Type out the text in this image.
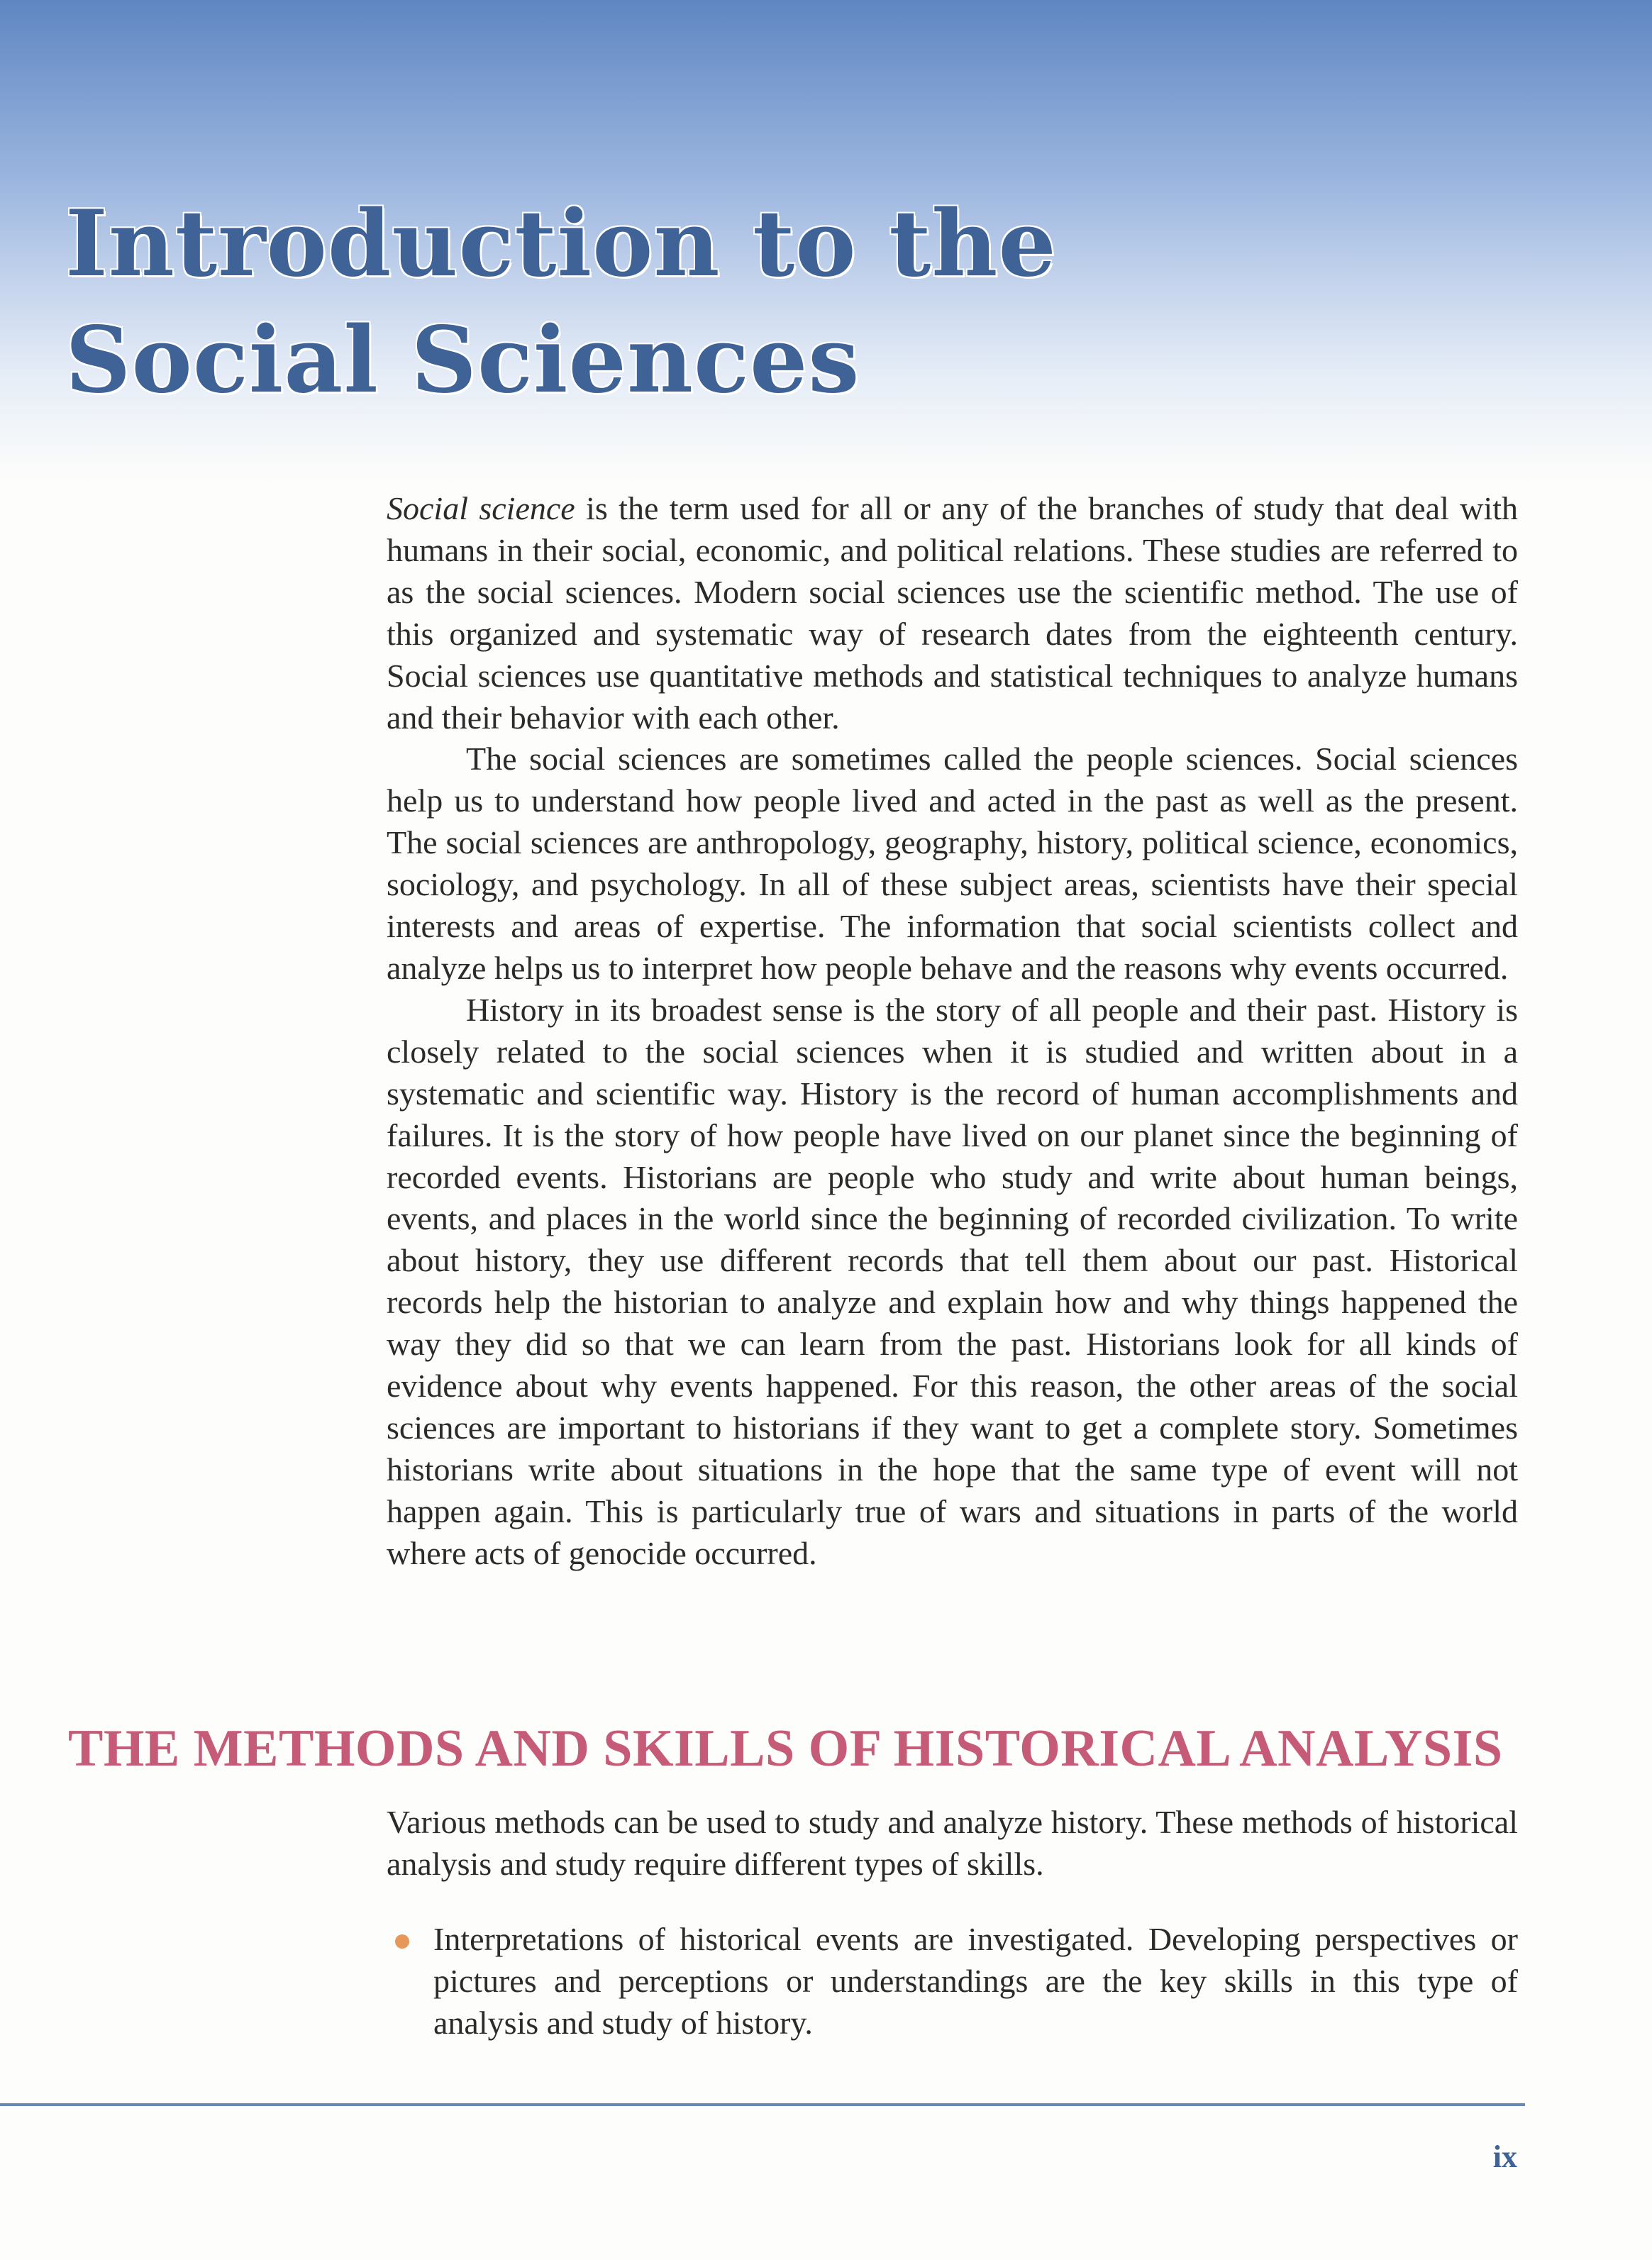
Introduction to the
Social Sciences

Social science is the term used for all or any of the branches of study that deal with humans in their social, economic, and political relations. These studies are referred to as the social sciences. Modern social sciences use the scientific method. The use of this organized and systematic way of research dates from the eighteenth century. Social sciences use quantitative methods and statistical techniques to analyze humans and their behavior with each other.

The social sciences are sometimes called the people sciences. Social sciences help us to understand how people lived and acted in the past as well as the present. The social sciences are anthropology, geography, history, political science, economics, sociology, and psychology. In all of these subject areas, scientists have their special interests and areas of expertise. The information that social scientists collect and analyze helps us to interpret how people behave and the reasons why events occurred.

History in its broadest sense is the story of all people and their past. History is closely related to the social sciences when it is studied and written about in a systematic and scientific way. History is the record of human accomplishments and failures. It is the story of how people have lived on our planet since the beginning of recorded events. Historians are people who study and write about human beings, events, and places in the world since the beginning of recorded civilization. To write about history, they use different records that tell them about our past. Historical records help the historian to analyze and explain how and why things happened the way they did so that we can learn from the past. Historians look for all kinds of evidence about why events happened. For this reason, the other areas of the social sciences are important to historians if they want to get a complete story. Sometimes historians write about situations in the hope that the same type of event will not happen again. This is particularly true of wars and situations in parts of the world where acts of genocide occurred.

THE METHODS AND SKILLS OF HISTORICAL ANALYSIS

Various methods can be used to study and analyze history. These methods of historical analysis and study require different types of skills.

Interpretations of historical events are investigated. Developing perspectives or pictures and perceptions or understandings are the key skills in this type of analysis and study of history.
ix
